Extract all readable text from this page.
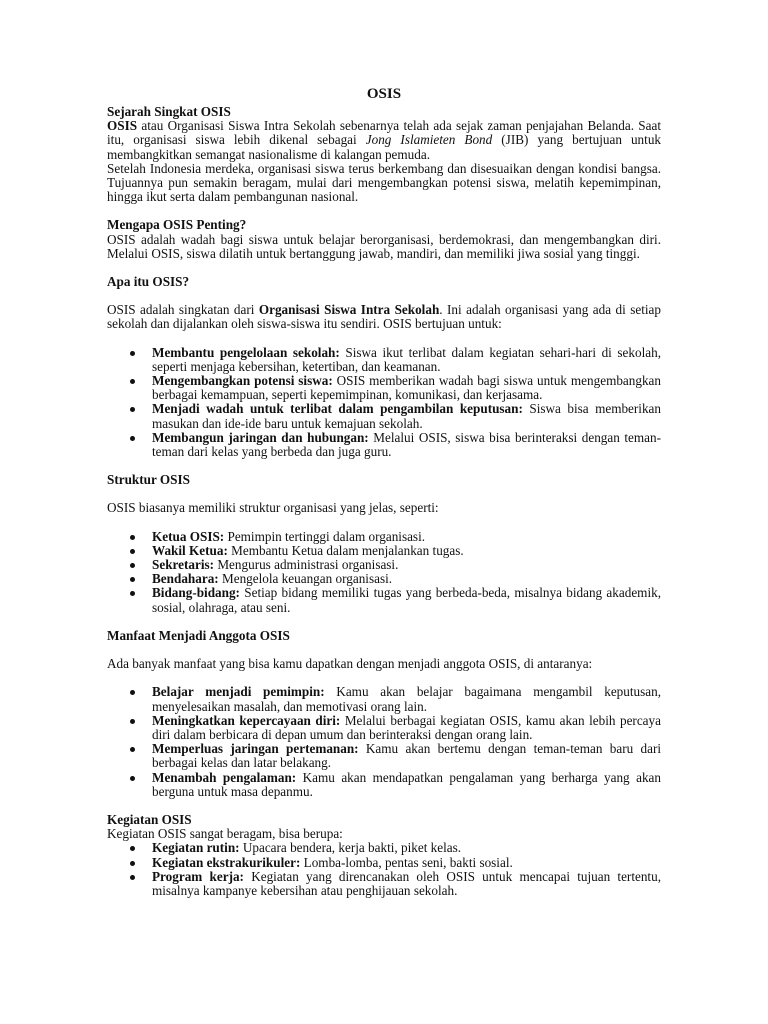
OSIS
Sejarah Singkat OSIS

OSIS atau Organisasi Siswa Intra Sekolah sebenarnya telah ada sejak zaman penjajahan Belanda. Saat itu, organisasi siswa lebih dikenal sebagai Jong Islamieten Bond (JIB) yang bertujuan untuk membangkitkan semangat nasionalisme di kalangan pemuda.

Setelah Indonesia merdeka, organisasi siswa terus berkembang dan disesuaikan dengan kondisi bangsa. Tujuannya pun semakin beragam, mulai dari mengembangkan potensi siswa, melatih kepemimpinan, hingga ikut serta dalam pembangunan nasional.

Mengapa OSIS Penting?

OSIS adalah wadah bagi siswa untuk belajar berorganisasi, berdemokrasi, dan mengembangkan diri. Melalui OSIS, siswa dilatih untuk bertanggung jawab, mandiri, dan memiliki jiwa sosial yang tinggi.

Apa itu OSIS?

OSIS adalah singkatan dari Organisasi Siswa Intra Sekolah. Ini adalah organisasi yang ada di setiap sekolah dan dijalankan oleh siswa-siswa itu sendiri. OSIS bertujuan untuk:

Membantu pengelolaan sekolah: Siswa ikut terlibat dalam kegiatan sehari-hari di sekolah, seperti menjaga kebersihan, ketertiban, dan keamanan.
Mengembangkan potensi siswa: OSIS memberikan wadah bagi siswa untuk mengembangkan berbagai kemampuan, seperti kepemimpinan, komunikasi, dan kerjasama.
Menjadi wadah untuk terlibat dalam pengambilan keputusan: Siswa bisa memberikan masukan dan ide-ide baru untuk kemajuan sekolah.
Membangun jaringan dan hubungan: Melalui OSIS, siswa bisa berinteraksi dengan teman-teman dari kelas yang berbeda dan juga guru.
Struktur OSIS

OSIS biasanya memiliki struktur organisasi yang jelas, seperti:

Ketua OSIS: Pemimpin tertinggi dalam organisasi.
Wakil Ketua: Membantu Ketua dalam menjalankan tugas.
Sekretaris: Mengurus administrasi organisasi.
Bendahara: Mengelola keuangan organisasi.
Bidang-bidang: Setiap bidang memiliki tugas yang berbeda-beda, misalnya bidang akademik, sosial, olahraga, atau seni.
Manfaat Menjadi Anggota OSIS

Ada banyak manfaat yang bisa kamu dapatkan dengan menjadi anggota OSIS, di antaranya:

Belajar menjadi pemimpin: Kamu akan belajar bagaimana mengambil keputusan, menyelesaikan masalah, dan memotivasi orang lain.
Meningkatkan kepercayaan diri: Melalui berbagai kegiatan OSIS, kamu akan lebih percaya diri dalam berbicara di depan umum dan berinteraksi dengan orang lain.
Memperluas jaringan pertemanan: Kamu akan bertemu dengan teman-teman baru dari berbagai kelas dan latar belakang.
Menambah pengalaman: Kamu akan mendapatkan pengalaman yang berharga yang akan berguna untuk masa depanmu.
Kegiatan OSIS

Kegiatan OSIS sangat beragam, bisa berupa:

Kegiatan rutin: Upacara bendera, kerja bakti, piket kelas.
Kegiatan ekstrakurikuler: Lomba-lomba, pentas seni, bakti sosial.
Program kerja: Kegiatan yang direncanakan oleh OSIS untuk mencapai tujuan tertentu, misalnya kampanye kebersihan atau penghijauan sekolah.
